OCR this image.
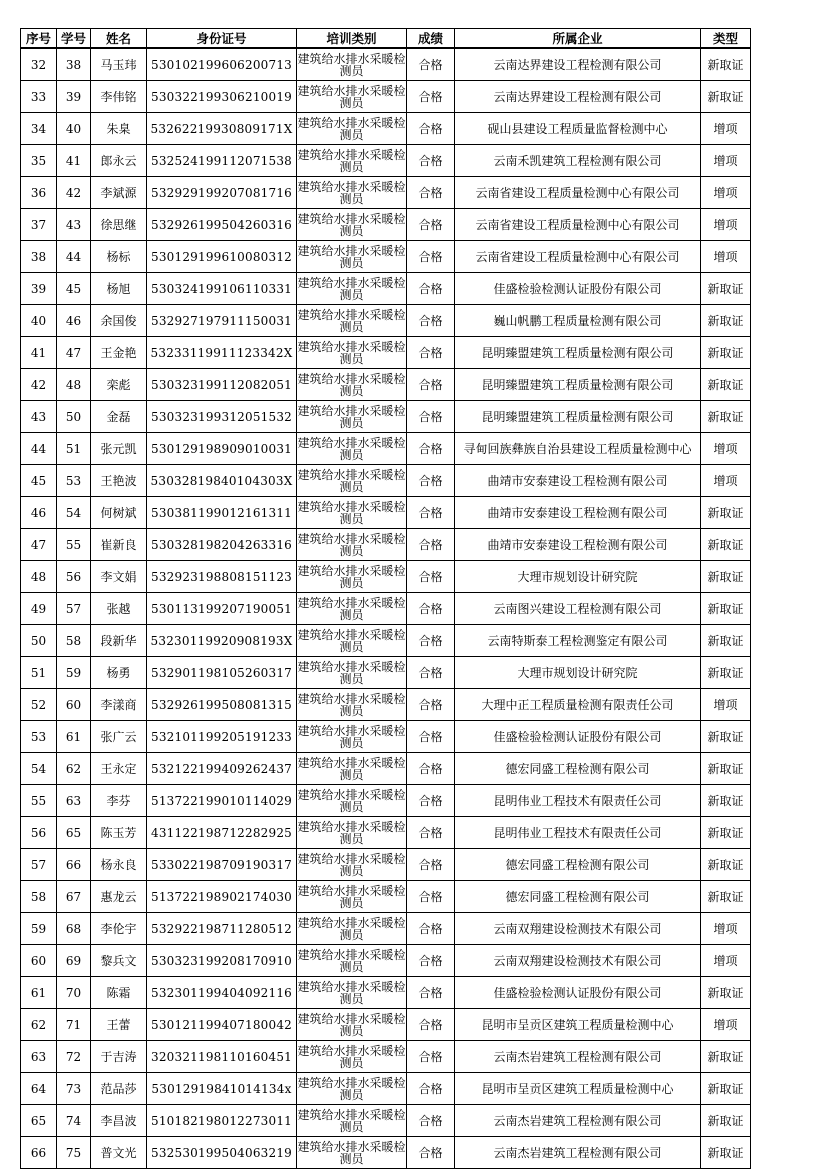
序号	学号	姓名	身份证号	培训类别	成绩	所属企业	类型
32	38	马玉玮	530102199606200713	建筑给水排水采暖检测员	合格	云南达界建设工程检测有限公司	新取证
33	39	李伟铭	530322199306210019	建筑给水排水采暖检测员	合格	云南达界建设工程检测有限公司	新取证
34	40	朱臬	53262219930809171X	建筑给水排水采暖检测员	合格	砚山县建设工程质量监督检测中心	增项
35	41	郎永云	532524199112071538	建筑给水排水采暖检测员	合格	云南禾凯建筑工程检测有限公司	增项
36	42	李斌源	532929199207081716	建筑给水排水采暖检测员	合格	云南省建设工程质量检测中心有限公司	增项
37	43	徐思继	532926199504260316	建筑给水排水采暖检测员	合格	云南省建设工程质量检测中心有限公司	增项
38	44	杨标	530129199610080312	建筑给水排水采暖检测员	合格	云南省建设工程质量检测中心有限公司	增项
39	45	杨旭	530324199106110331	建筑给水排水采暖检测员	合格	佳盛检验检测认证股份有限公司	新取证
40	46	余国俊	532927197911150031	建筑给水排水采暖检测员	合格	巍山帆鹏工程质量检测有限公司	新取证
41	47	王金艳	53233119911123342X	建筑给水排水采暖检测员	合格	昆明臻盟建筑工程质量检测有限公司	新取证
42	48	栾彪	530323199112082051	建筑给水排水采暖检测员	合格	昆明臻盟建筑工程质量检测有限公司	新取证
43	50	金磊	530323199312051532	建筑给水排水采暖检测员	合格	昆明臻盟建筑工程质量检测有限公司	新取证
44	51	张元凯	530129198909010031	建筑给水排水采暖检测员	合格	寻甸回族彝族自治县建设工程质量检测中心	增项
45	53	王艳波	53032819840104303X	建筑给水排水采暖检测员	合格	曲靖市安泰建设工程检测有限公司	增项
46	54	何树斌	530381199012161311	建筑给水排水采暖检测员	合格	曲靖市安泰建设工程检测有限公司	新取证
47	55	崔新良	530328198204263316	建筑给水排水采暖检测员	合格	曲靖市安泰建设工程检测有限公司	新取证
48	56	李文娟	532923198808151123	建筑给水排水采暖检测员	合格	大理市规划设计研究院	新取证
49	57	张越	530113199207190051	建筑给水排水采暖检测员	合格	云南图兴建设工程检测有限公司	新取证
50	58	段新华	53230119920908193X	建筑给水排水采暖检测员	合格	云南特斯泰工程检测鉴定有限公司	新取证
51	59	杨勇	532901198105260317	建筑给水排水采暖检测员	合格	大理市规划设计研究院	新取证
52	60	李漾商	532926199508081315	建筑给水排水采暖检测员	合格	大理中正工程质量检测有限责任公司	增项
53	61	张广云	532101199205191233	建筑给水排水采暖检测员	合格	佳盛检验检测认证股份有限公司	新取证
54	62	王永定	532122199409262437	建筑给水排水采暖检测员	合格	德宏同盛工程检测有限公司	新取证
55	63	李芬	513722199010114029	建筑给水排水采暖检测员	合格	昆明伟业工程技术有限责任公司	新取证
56	65	陈玉芳	431122198712282925	建筑给水排水采暖检测员	合格	昆明伟业工程技术有限责任公司	新取证
57	66	杨永良	533022198709190317	建筑给水排水采暖检测员	合格	德宏同盛工程检测有限公司	新取证
58	67	惠龙云	513722198902174030	建筑给水排水采暖检测员	合格	德宏同盛工程检测有限公司	新取证
59	68	李伦宇	532922198711280512	建筑给水排水采暖检测员	合格	云南双翔建设检测技术有限公司	增项
60	69	黎兵文	530323199208170910	建筑给水排水采暖检测员	合格	云南双翔建设检测技术有限公司	增项
61	70	陈霜	532301199404092116	建筑给水排水采暖检测员	合格	佳盛检验检测认证股份有限公司	新取证
62	71	王蕾	530121199407180042	建筑给水排水采暖检测员	合格	昆明市呈贡区建筑工程质量检测中心	增项
63	72	于吉涛	320321198110160451	建筑给水排水采暖检测员	合格	云南杰岩建筑工程检测有限公司	新取证
64	73	范品莎	53012919841014134x	建筑给水排水采暖检测员	合格	昆明市呈贡区建筑工程质量检测中心	新取证
65	74	李昌波	510182198012273011	建筑给水排水采暖检测员	合格	云南杰岩建筑工程检测有限公司	新取证
66	75	普文光	532530199504063219	建筑给水排水采暖检测员	合格	云南杰岩建筑工程检测有限公司	新取证
